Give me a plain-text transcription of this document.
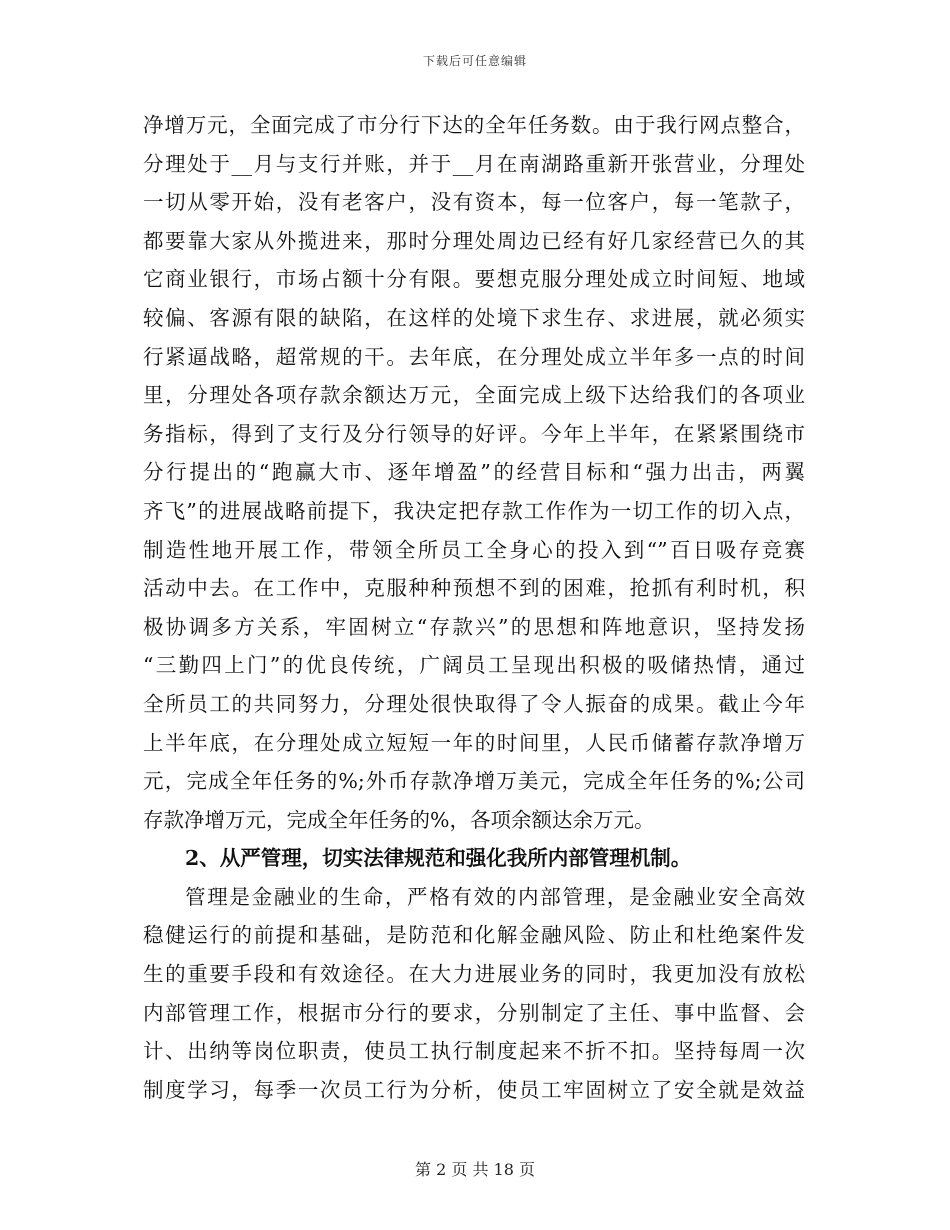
下载后可任意编辑
净增万元，全面完成了市分行下达的全年任务数。由于我行网点整合，
分理处于__月与支行并账，并于__月在南湖路重新开张营业，分理处
一切从零开始，没有老客户，没有资本，每一位客户，每一笔款子，
都要靠大家从外揽进来，那时分理处周边已经有好几家经营已久的其
它商业银行，市场占额十分有限。要想克服分理处成立时间短、地域
较偏、客源有限的缺陷，在这样的处境下求生存、求进展，就必须实
行紧逼战略，超常规的干。去年底，在分理处成立半年多一点的时间
里，分理处各项存款余额达万元，全面完成上级下达给我们的各项业
务指标，得到了支行及分行领导的好评。今年上半年，在紧紧围绕市
分行提出的“跑赢大市、逐年增盈”的经营目标和“强力出击，两翼
齐飞”的进展战略前提下，我决定把存款工作作为一切工作的切入点，
制造性地开展工作，带领全所员工全身心的投入到“”百日吸存竞赛
活动中去。在工作中，克服种种预想不到的困难，抢抓有利时机，积
极协调多方关系，牢固树立“存款兴”的思想和阵地意识，坚持发扬
“三勤四上门”的优良传统，广阔员工呈现出积极的吸储热情，通过
全所员工的共同努力，分理处很快取得了令人振奋的成果。截止今年
上半年底，在分理处成立短短一年的时间里，人民币储蓄存款净增万
元，完成全年任务的%;外币存款净增万美元，完成全年任务的%;公司
存款净增万元，完成全年任务的%，各项余额达余万元。
2、从严管理，切实法律规范和强化我所内部管理机制。
管理是金融业的生命，严格有效的内部管理，是金融业安全高效
稳健运行的前提和基础，是防范和化解金融风险、防止和杜绝案件发
生的重要手段和有效途径。在大力进展业务的同时，我更加没有放松
内部管理工作，根据市分行的要求，分别制定了主任、事中监督、会
计、出纳等岗位职责，使员工执行制度起来不折不扣。坚持每周一次
制度学习，每季一次员工行为分析，使员工牢固树立了安全就是效益
第 2 页 共 18 页
